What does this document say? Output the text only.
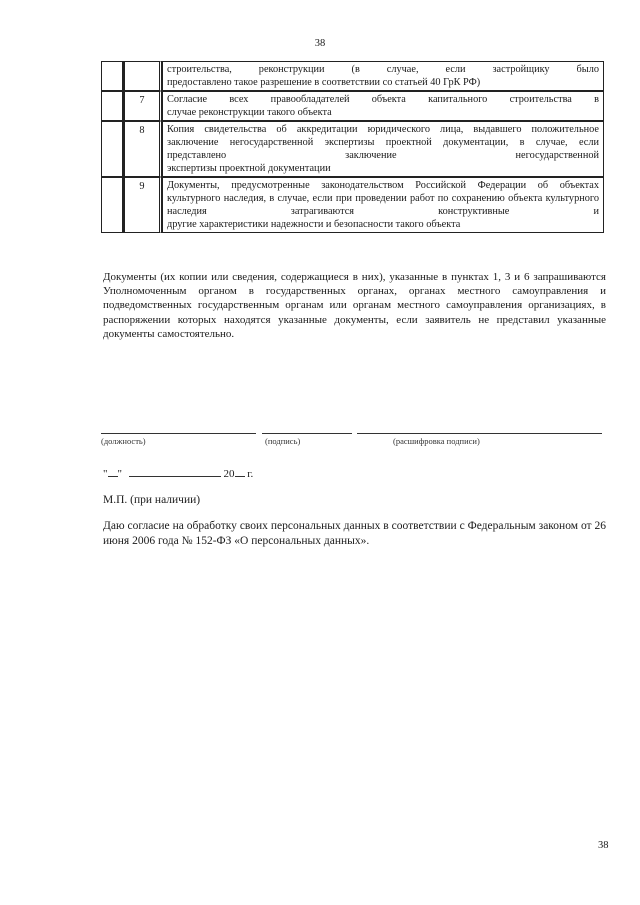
38
		строительства, реконструкции (в случае, если застройщику было
предоставлено такое разрешение в соответствии со статьей 40 ГрК РФ)

	7	Согласие всех правообладателей объекта капитального строительства в
случае реконструкции такого объекта

	8	Копия свидетельства об аккредитации юридического лица, выдавшего положительное заключение негосударственной экспертизы проектной документации, в случае, если представлено заключение негосударственной
экспертизы проектной документации

	9	Документы, предусмотренные законодательством Российской Федерации об объектах культурного наследия, в случае, если при проведении работ по сохранению объекта культурного наследия затрагиваются конструктивные и
другие характеристики надежности и безопасности такого объекта
Документы (их копии или сведения, содержащиеся в них), указанные в пунктах 1, 3 и 6 запрашиваются Уполномоченным органом в государственных органах, органах местного самоуправления и подведомственных государственным органам или органам местного самоуправления организациях, в распоряжении которых находятся указанные документы, если заявитель не представил указанные документы самостоятельно.
(должность)	(подпись)	(расшифровка подписи)
" "	20 г.
М.П. (при наличии)
Даю согласие на обработку своих персональных данных в соответствии с Федеральным законом от 26 июня 2006 года № 152-ФЗ «О персональных данных».
38
